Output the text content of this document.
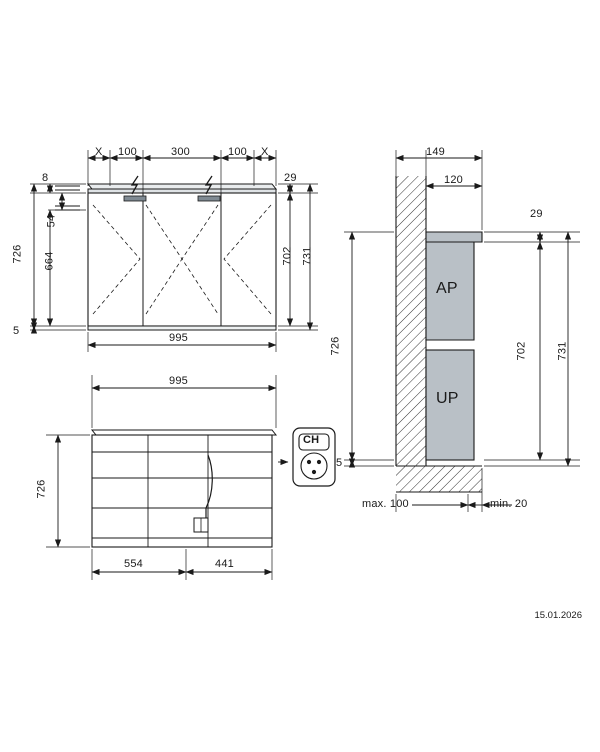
X 100	300	100 X
8
54
664
726
5
29
702 731
995
995
726
554	441
CH
149
120
29
702	731
726
5
AP
UP
max. 100	min. 20
15.01.2026
